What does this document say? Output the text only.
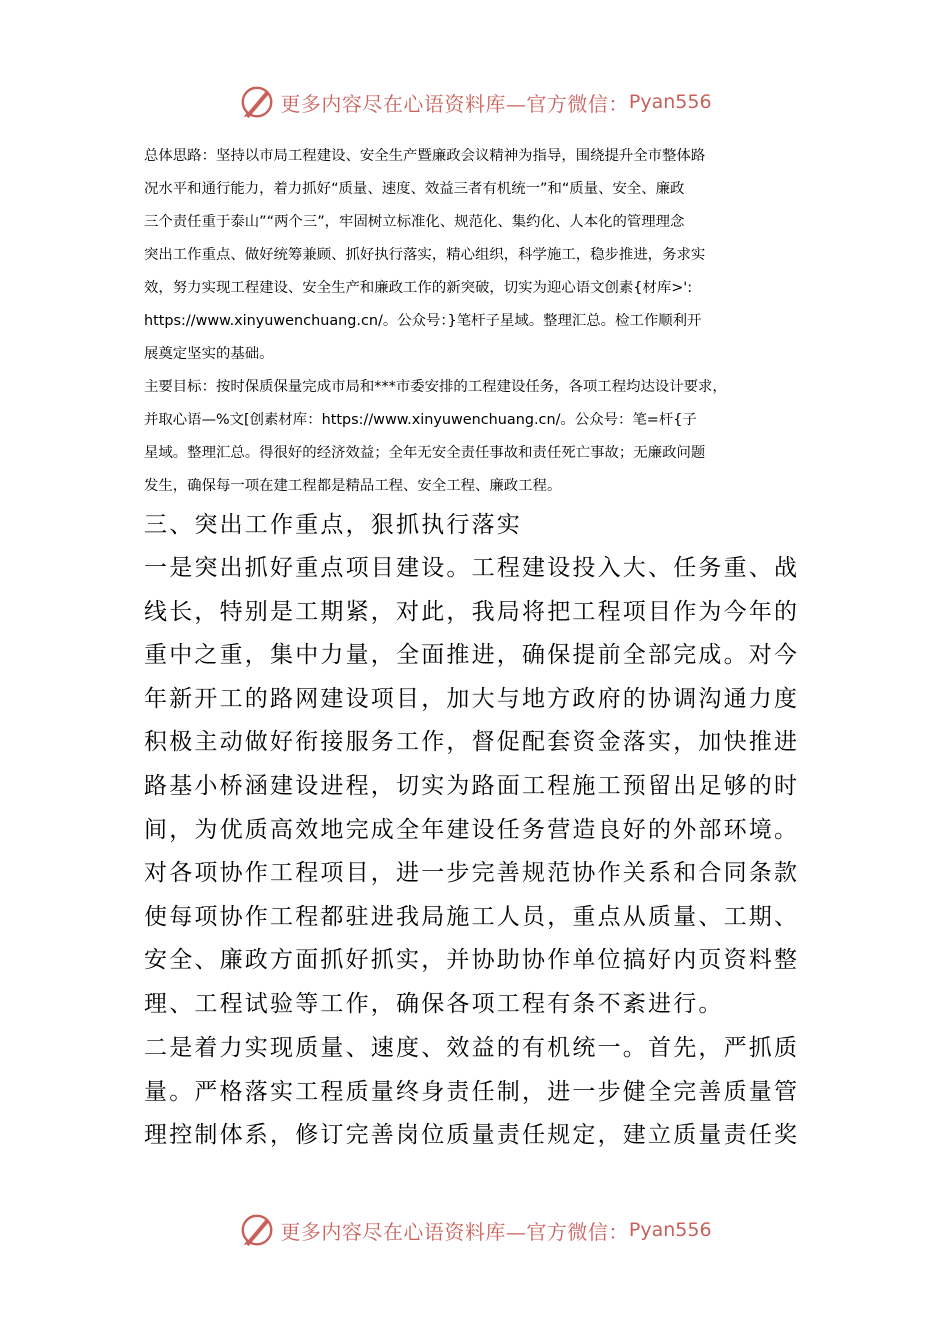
更多内容尽在心语资料库—官方微信： Pyan556

总体思路：坚持以市局工程建设、安全生产暨廉政会议精神为指导，围绕提升全市整体路

况水平和通行能力，着力抓好“质量、速度、效益三者有机统一”和“质量、安全、廉政

三个责任重于泰山”“两个三”，牢固树立标准化、规范化、集约化、人本化的管理理念

突出工作重点、做好统筹兼顾、抓好执行落实，精心组织，科学施工，稳步推进，务求实

效，努力实现工程建设、安全生产和廉政工作的新突破，切实为迎心语文创素{材库>':

https://www.xinyuwenchuang.cn/。公众号：}笔杆子星域。整理汇总。检工作顺利开

展奠定坚实的基础。

主要目标：按时保质保量完成市局和***市委安排的工程建设任务，各项工程均达设计要求，

并取心语—%文[创素材库：https://www.xinyuwenchuang.cn/。公众号：笔=杆{子

星域。整理汇总。得很好的经济效益；全年无安全责任事故和责任死亡事故；无廉政问题

发生，确保每一项在建工程都是精品工程、安全工程、廉政工程。

三、突出工作重点，狠抓执行落实

一是突出抓好重点项目建设。工程建设投入大、任务重、战

线长，特别是工期紧，对此，我局将把工程项目作为今年的

重中之重，集中力量，全面推进，确保提前全部完成。对今

年新开工的路网建设项目，加大与地方政府的协调沟通力度

积极主动做好衔接服务工作，督促配套资金落实，加快推进

路基小桥涵建设进程，切实为路面工程施工预留出足够的时

间，为优质高效地完成全年建设任务营造良好的外部环境。

对各项协作工程项目，进一步完善规范协作关系和合同条款

使每项协作工程都驻进我局施工人员，重点从质量、工期、

安全、廉政方面抓好抓实，并协助协作单位搞好内页资料整

理、工程试验等工作，确保各项工程有条不紊进行。

二是着力实现质量、速度、效益的有机统一。首先，严抓质

量。严格落实工程质量终身责任制，进一步健全完善质量管

理控制体系，修订完善岗位质量责任规定，建立质量责任奖

更多内容尽在心语资料库—官方微信： Pyan556
